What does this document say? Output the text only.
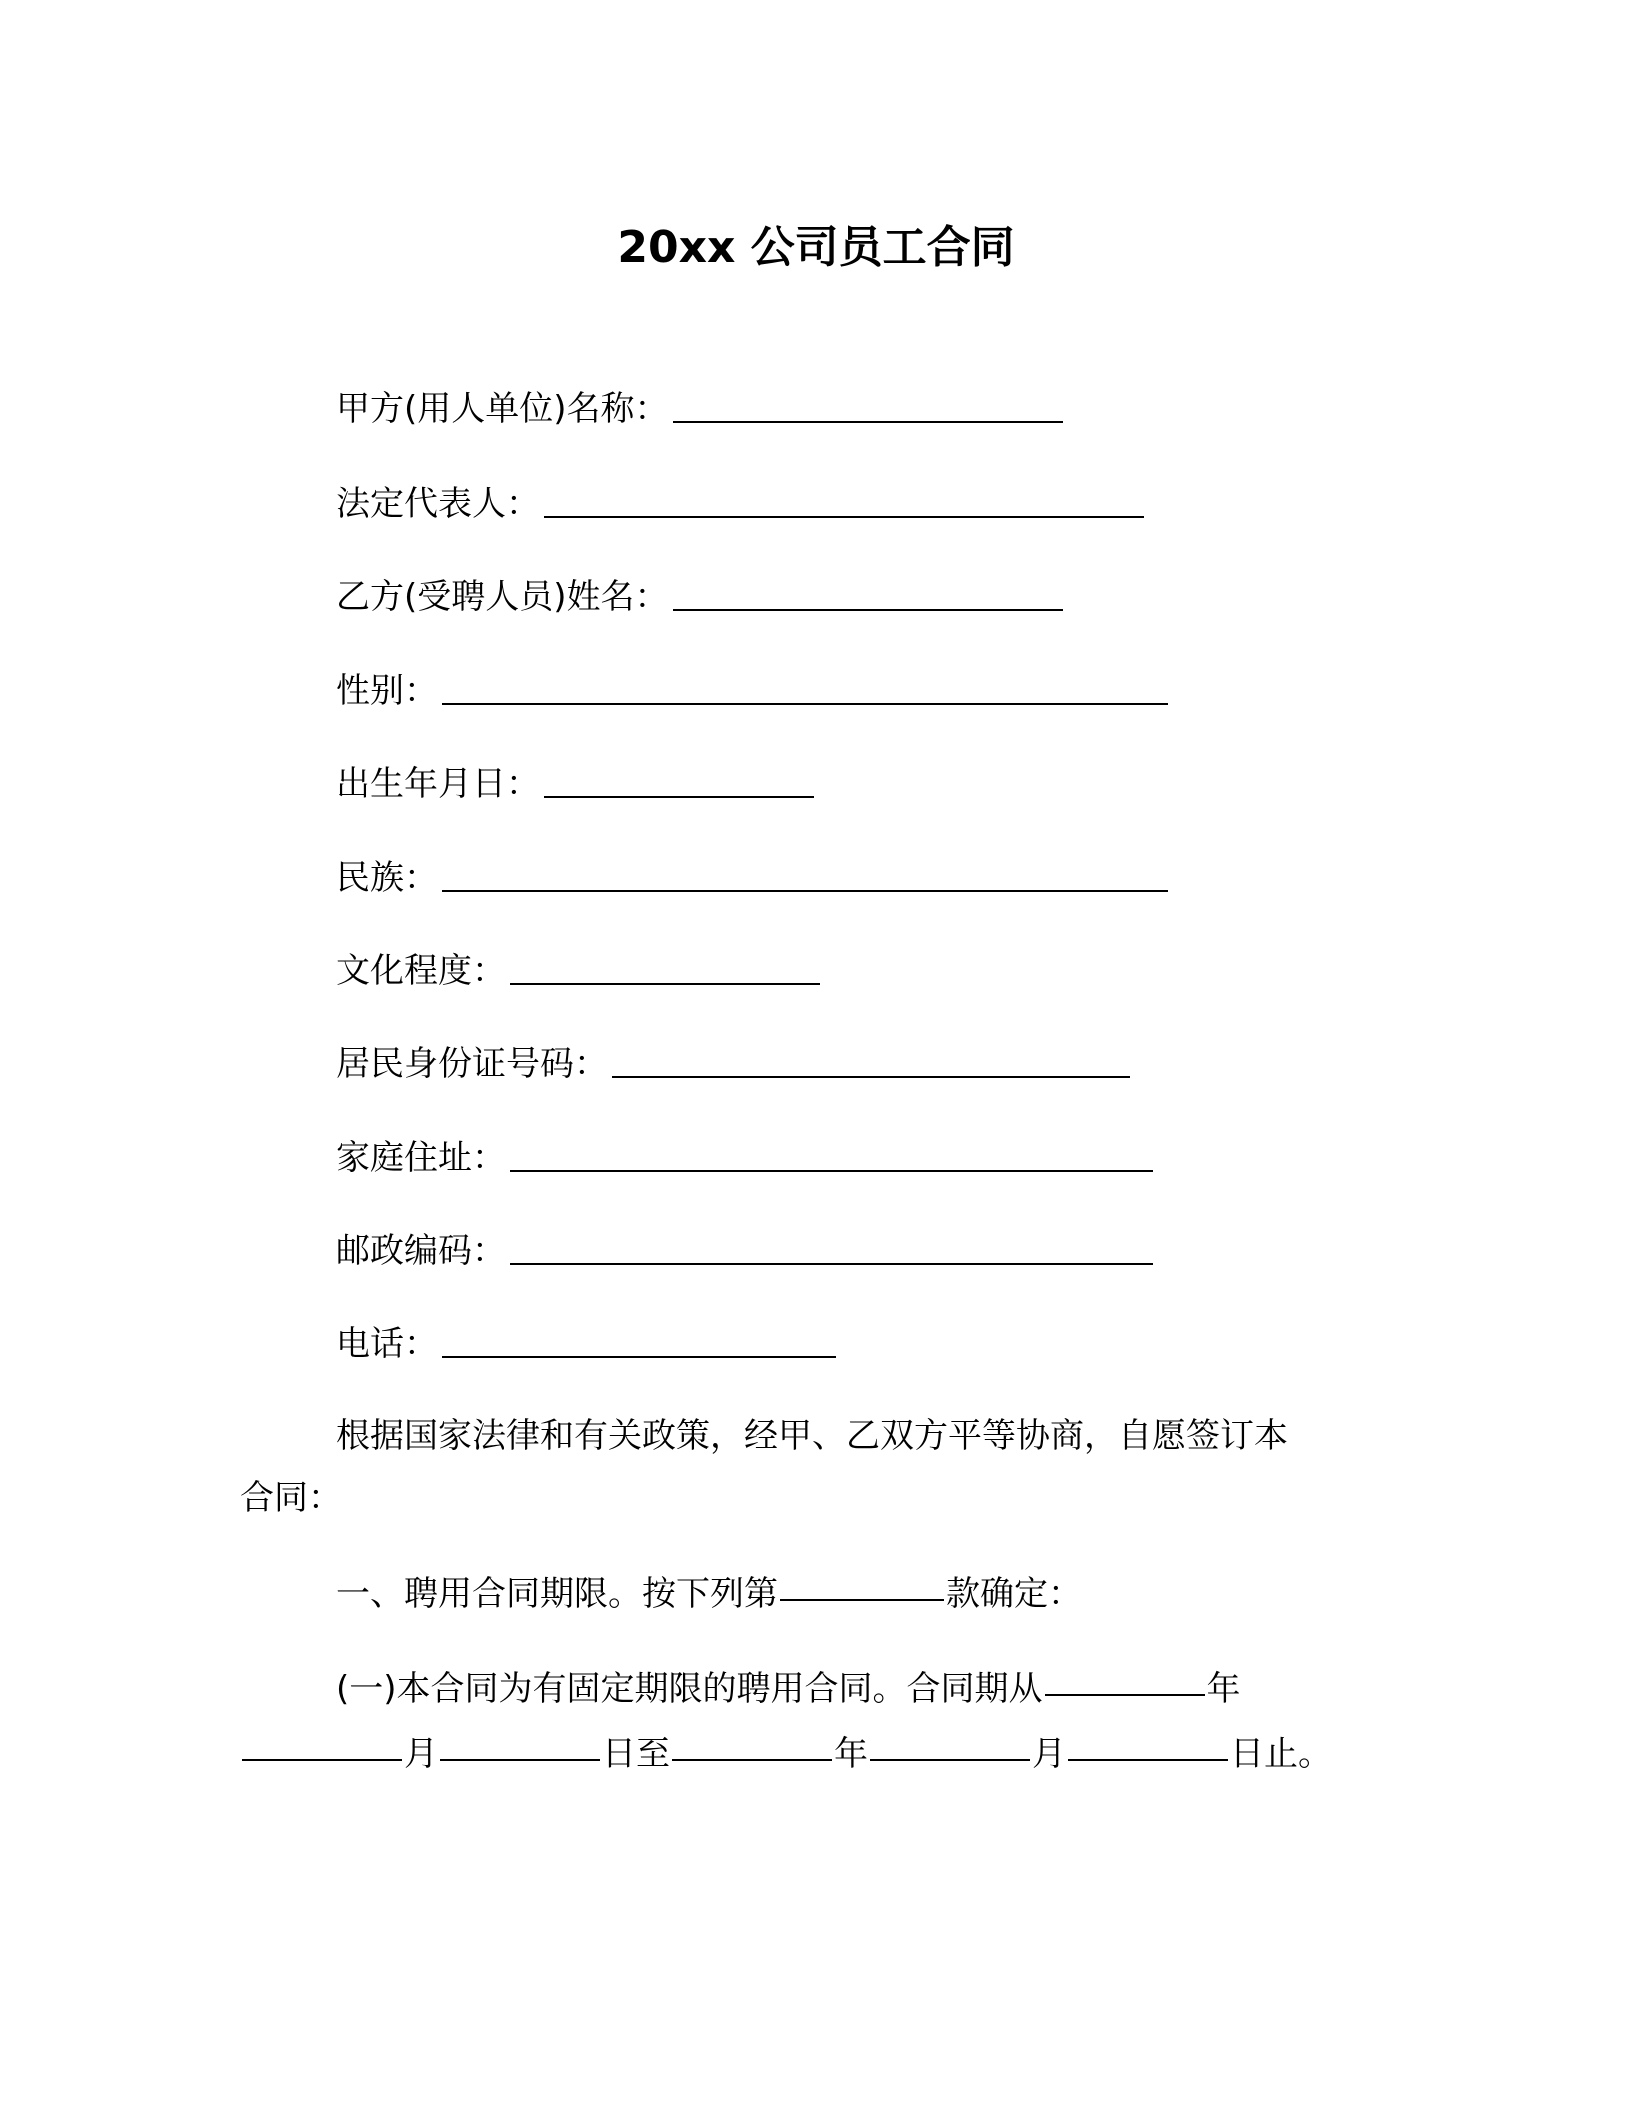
20xx 公司员工合同
甲方(用人单位)名称：
法定代表人：
乙方(受聘人员)姓名：
性别：
出生年月日：
民族：
文化程度：
居民身份证号码：
家庭住址：
邮政编码：
电话：
根据国家法律和有关政策，经甲、乙双方平等协商，自愿签订本
合同：
一、聘用合同期限。按下列第	款确定：
(一)本合同为有固定期限的聘用合同。合同期从	年
月	日至	年	月	日止。
